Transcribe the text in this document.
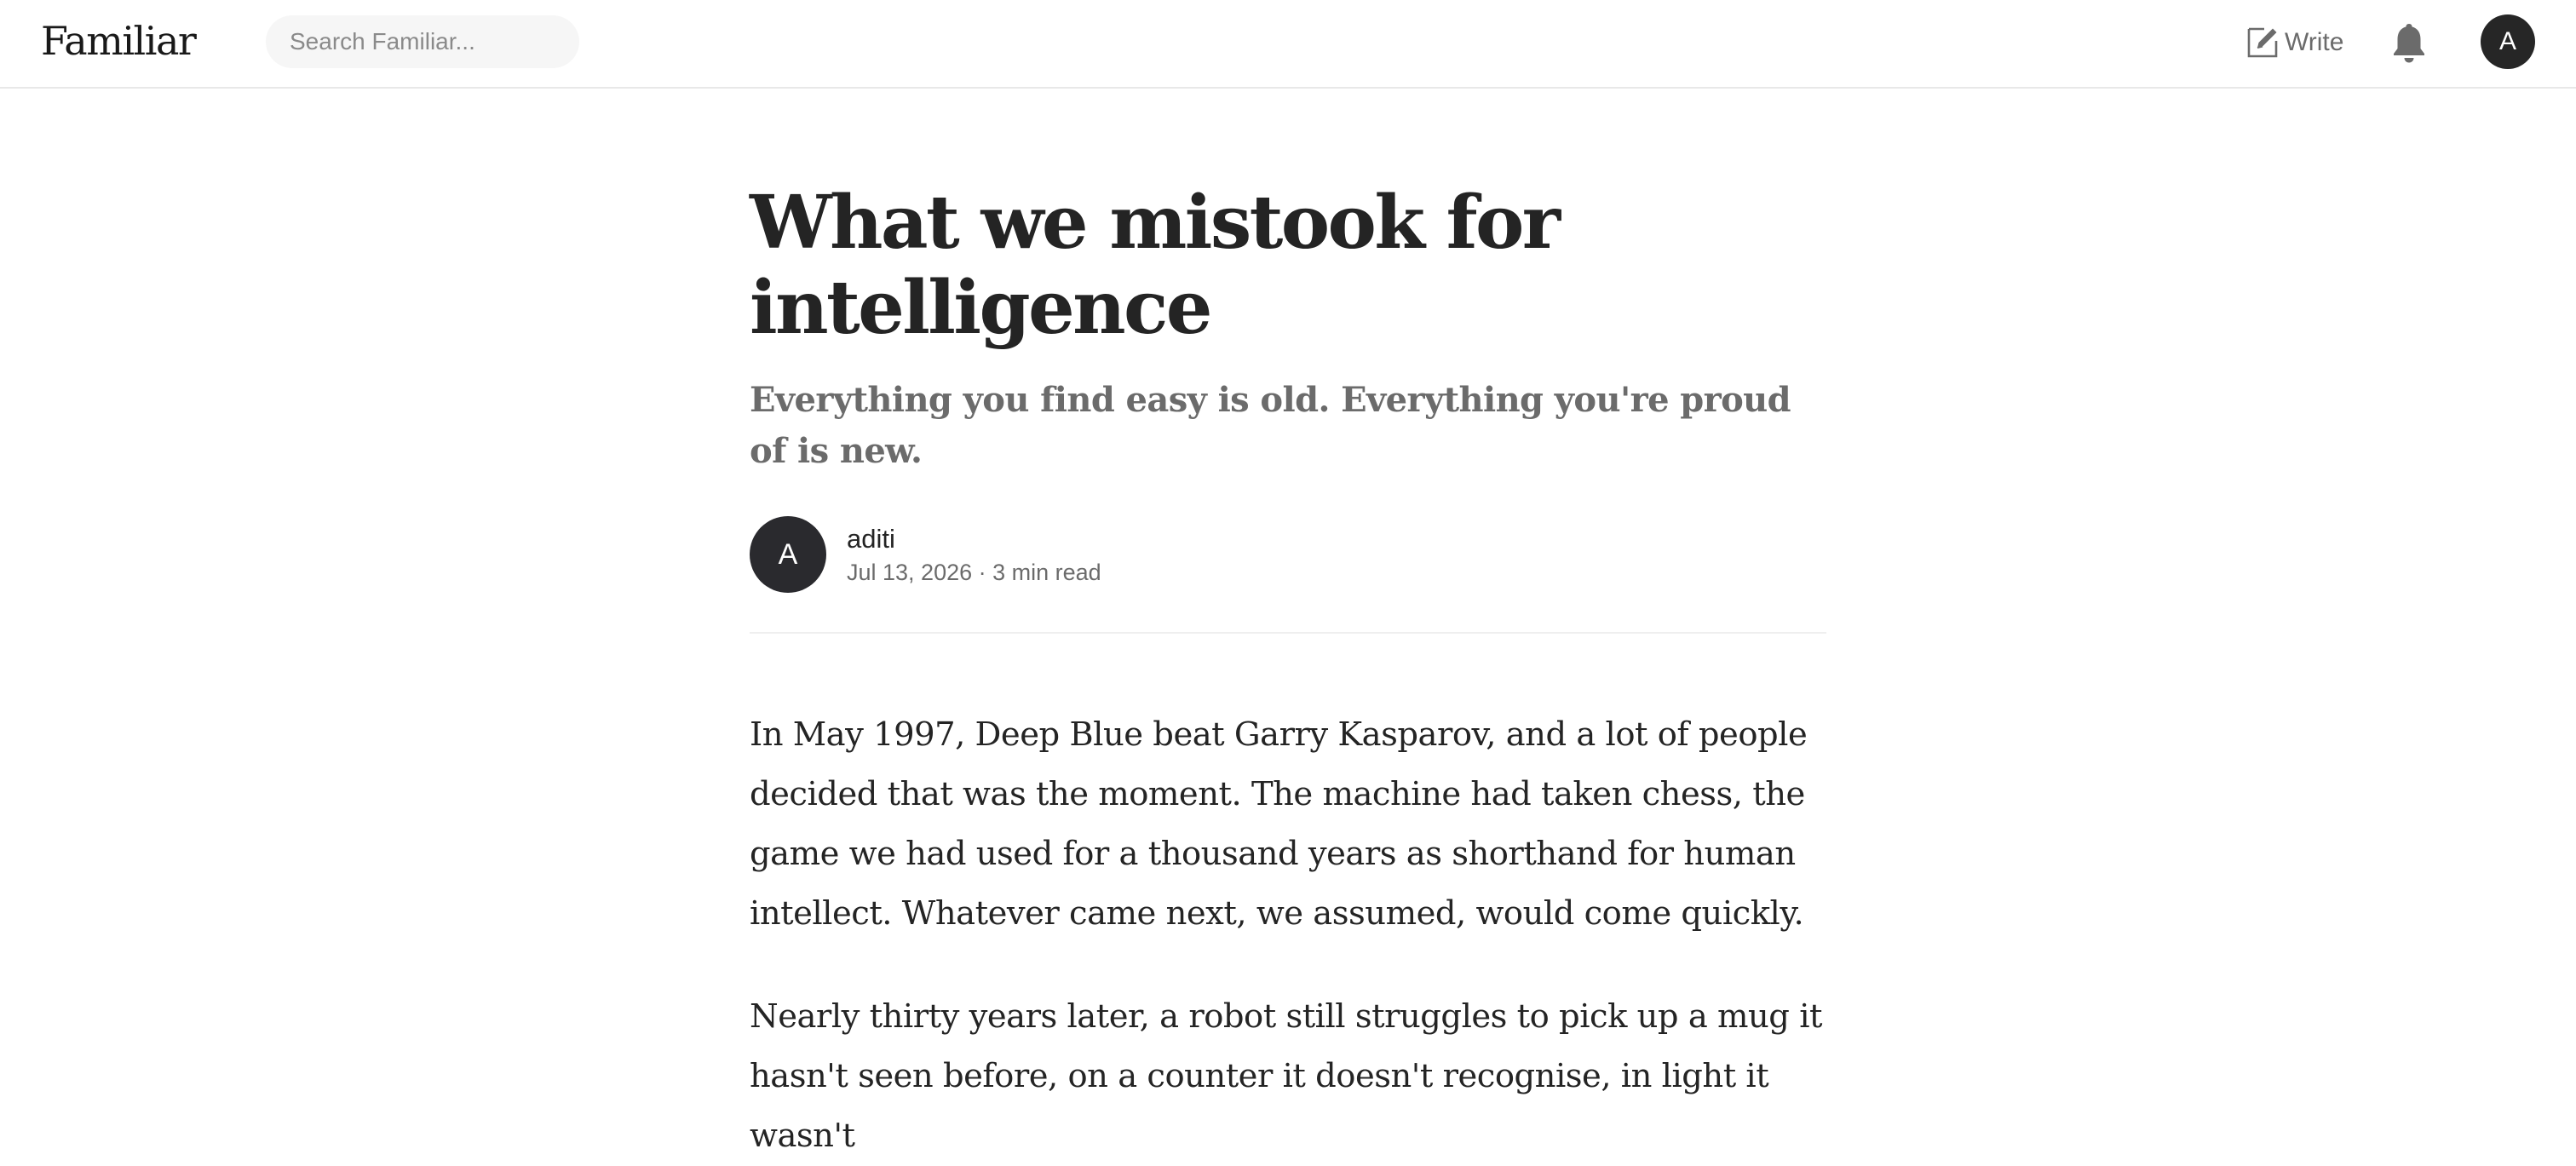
Familiar
Search Familiar...	Write	A
What we mistook for intelligence
Everything you find easy is old. Everything you're proud of is new.
A aditi
Jul 13, 2026 · 3 min read

In May 1997, Deep Blue beat Garry Kasparov, and a lot of people decided that was the moment. The machine had taken chess, the game we had used for a thousand years as shorthand for human intellect. Whatever came next, we assumed, would come quickly.

Nearly thirty years later, a robot still struggles to pick up a mug it hasn't seen before, on a counter it doesn't recognise, in light it wasn't
